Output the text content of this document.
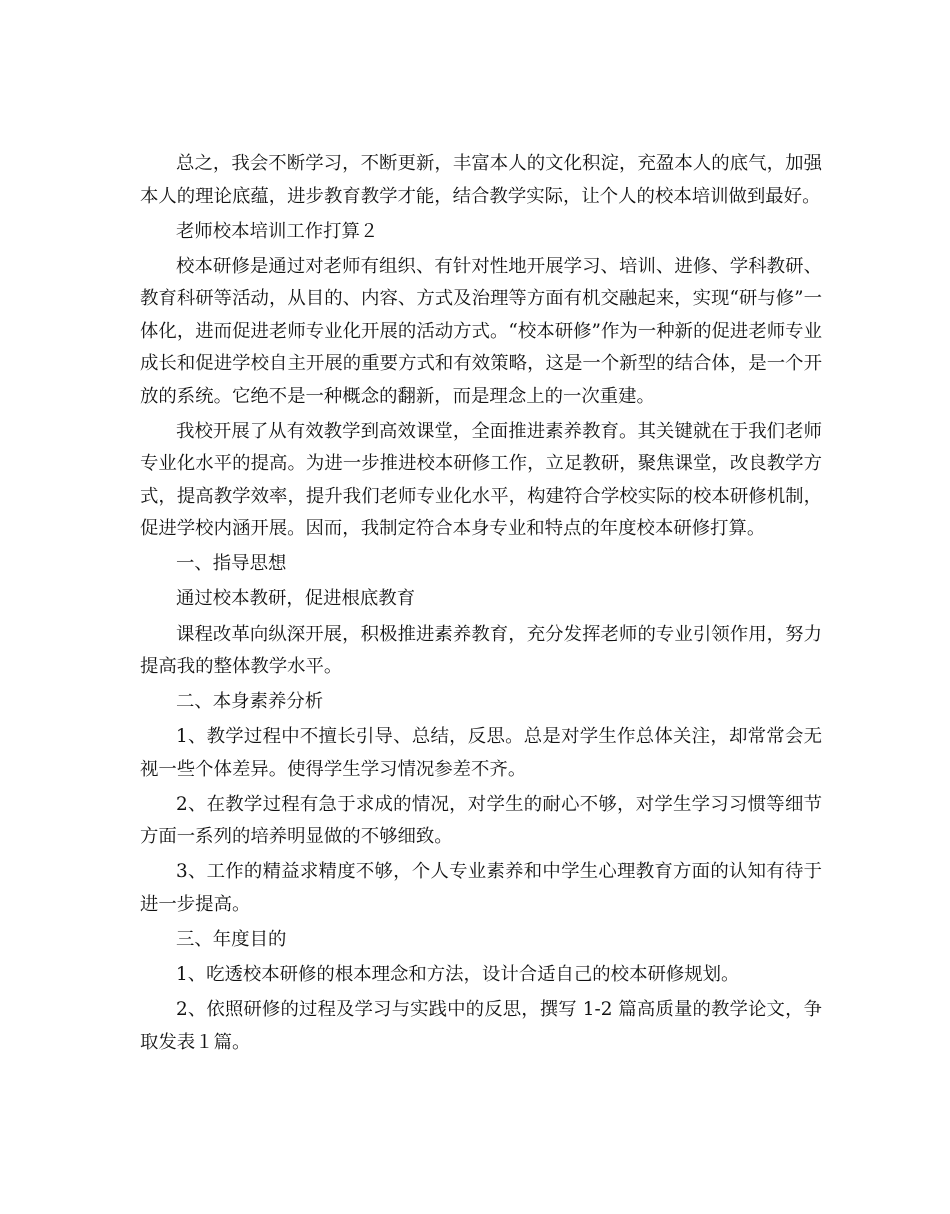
总之，我会不断学习，不断更新，丰富本人的文化积淀，充盈本人的底气，加强本人的理论底蕴，进步教育教学才能，结合教学实际，让个人的校本培训做到最好。

老师校本培训工作打算２

校本研修是通过对老师有组织、有针对性地开展学习、培训、进修、学科教研、教育科研等活动，从目的、内容、方式及治理等方面有机交融起来，实现“研与修”一体化，进而促进老师专业化开展的活动方式。“校本研修”作为一种新的促进老师专业成长和促进学校自主开展的重要方式和有效策略，这是一个新型的结合体，是一个开放的系统。它绝不是一种概念的翻新，而是理念上的一次重建。

我校开展了从有效教学到高效课堂，全面推进素养教育。其关键就在于我们老师专业化水平的提高。为进一步推进校本研修工作，立足教研，聚焦课堂，改良教学方式，提高教学效率，提升我们老师专业化水平，构建符合学校实际的校本研修机制，促进学校内涵开展。因而，我制定符合本身专业和特点的年度校本研修打算。

一、指导思想

通过校本教研，促进根底教育

课程改革向纵深开展，积极推进素养教育，充分发挥老师的专业引领作用，努力提高我的整体教学水平。

二、本身素养分析

1、教学过程中不擅长引导、总结，反思。总是对学生作总体关注，却常常会无视一些个体差异。使得学生学习情况参差不齐。

2、在教学过程有急于求成的情况，对学生的耐心不够，对学生学习习惯等细节方面一系列的培养明显做的不够细致。

3、工作的精益求精度不够，个人专业素养和中学生心理教育方面的认知有待于进一步提高。

三、年度目的

1、吃透校本研修的根本理念和方法，设计合适自己的校本研修规划。

2、依照研修的过程及学习与实践中的反思，撰写 1-2 篇高质量的教学论文，争取发表１篇。
